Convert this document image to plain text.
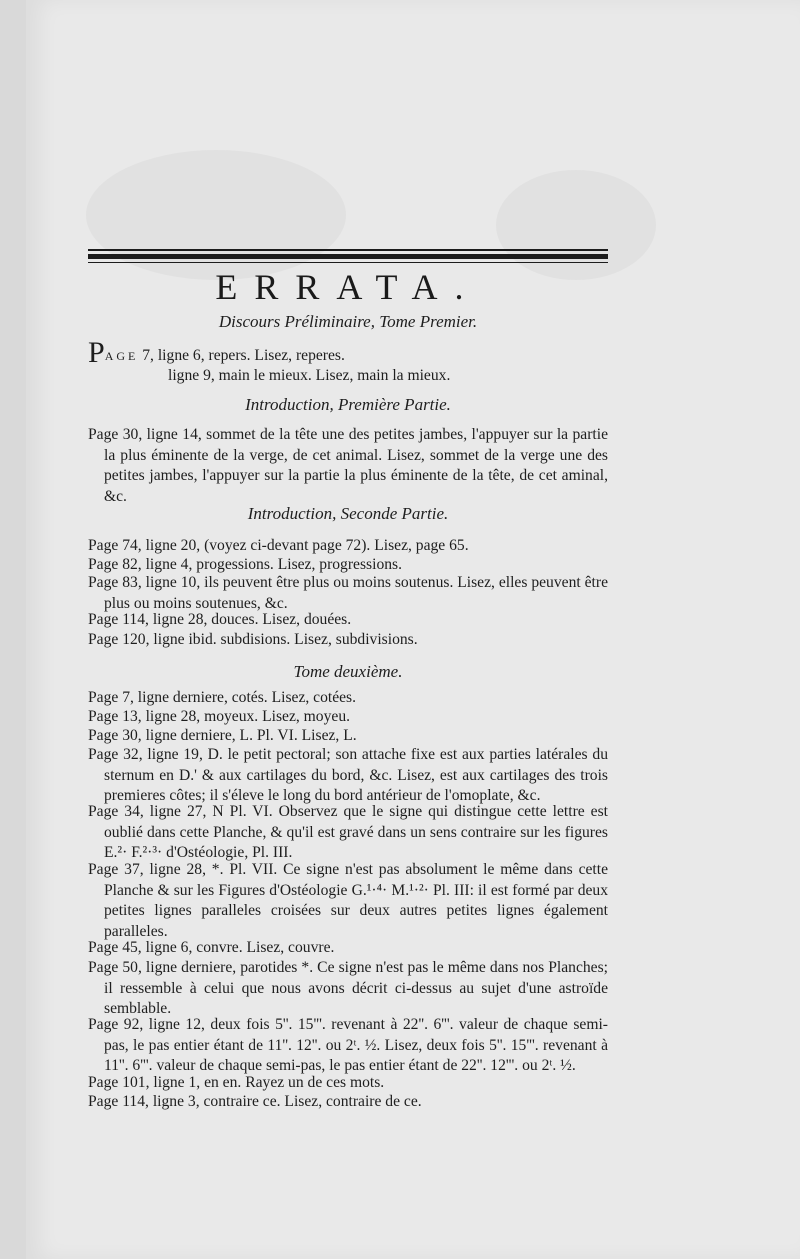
ERRATA.
Discours Préliminaire, Tome Premier.
PAGE 7, ligne 6, repers. Lisez, reperes.
ligne 9, main le mieux. Lisez, main la mieux.
Introduction, Première Partie.
Page 30, ligne 14, sommet de la tête une des petites jambes, l'appuyer sur la partie la plus éminente de la verge, de cet animal. Lisez, sommet de la verge une des petites jambes, l'appuyer sur la partie la plus éminente de la tête, de cet aminal, &c.
Introduction, Seconde Partie.
Page 74, ligne 20, (voyez ci-devant page 72). Lisez, page 65.
Page 82, ligne 4, progessions. Lisez, progressions.
Page 83, ligne 10, ils peuvent être plus ou moins soutenus. Lisez, elles peuvent être plus ou moins soutenues, &c.
Page 114, ligne 28, douces. Lisez, douées.
Page 120, ligne ibid. subdisions. Lisez, subdivisions.
Tome deuxième.
Page 7, ligne derniere, cotés. Lisez, cotées.
Page 13, ligne 28, moyeux. Lisez, moyeu.
Page 30, ligne derniere, L. Pl. VI. Lisez, L.
Page 32, ligne 19, D. le petit pectoral; son attache fixe est aux parties latérales du sternum en D.' & aux cartilages du bord, &c. Lisez, est aux cartilages des trois premieres côtes; il s'éleve le long du bord antérieur de l'omoplate, &c.
Page 34, ligne 27, N Pl. VI. Observez que le signe qui distingue cette lettre est oublié dans cette Planche, & qu'il est gravé dans un sens contraire sur les figures E.²· F.²·³· d'Ostéologie, Pl. III.
Page 37, ligne 28, *. Pl. VII. Ce signe n'est pas absolument le même dans cette Planche & sur les Figures d'Ostéologie G.¹·⁴· M.¹·²· Pl. III: il est formé par deux petites lignes paralleles croisées sur deux autres petites lignes également paralleles.
Page 45, ligne 6, convre. Lisez, couvre.
Page 50, ligne derniere, parotides *. Ce signe n'est pas le même dans nos Planches; il ressemble à celui que nous avons décrit ci-dessus au sujet d'une astroïde semblable.
Page 92, ligne 12, deux fois 5''. 15'''. revenant à 22''. 6'''. valeur de chaque semi-pas, le pas entier étant de 11''. 12''. ou 2ᵗ. ½. Lisez, deux fois 5''. 15'''. revenant à 11''. 6'''. valeur de chaque semi-pas, le pas entier étant de 22''. 12'''. ou 2ᵗ. ½.
Page 101, ligne 1, en en. Rayez un de ces mots.
Page 114, ligne 3, contraire ce. Lisez, contraire de ce.
